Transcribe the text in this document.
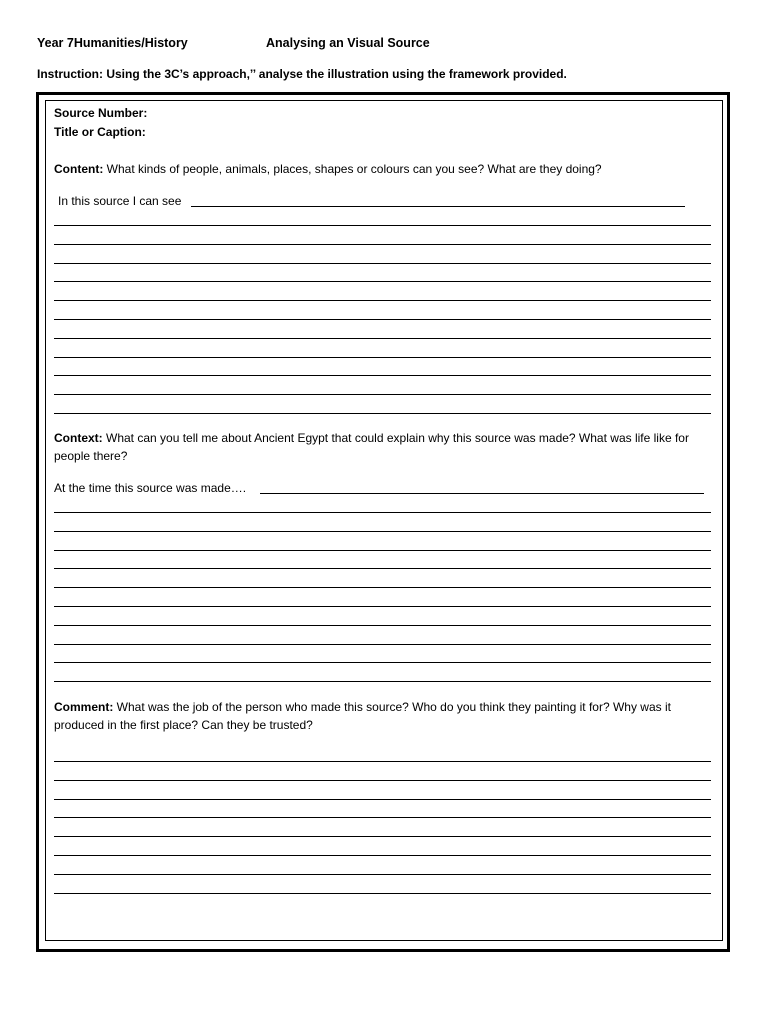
Year 7Humanities/History	Analysing an Visual Source
Instruction: Using the 3C’s approach,’’ analyse the illustration using the framework provided.
Source Number:
Title or Caption:
Content: What kinds of people, animals, places, shapes or colours can you see? What are they doing?
In this source I can see
Context: What can you tell me about Ancient Egypt that could explain why this source was made? What was life like for people there?
At the time this source was made….
Comment: What was the job of the person who made this source? Who do you think they painting it for? Why was it produced in the first place? Can they be trusted?
